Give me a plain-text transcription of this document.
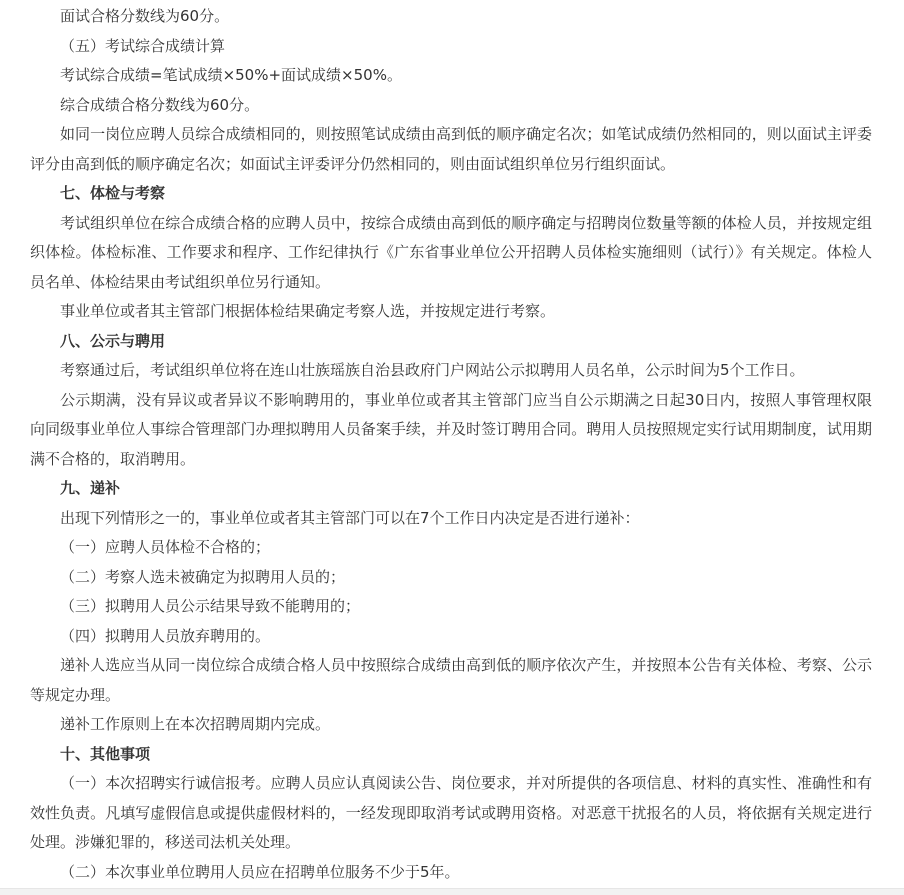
面试合格分数线为60分。

（五）考试综合成绩计算

考试综合成绩=笔试成绩×50%+面试成绩×50%。

综合成绩合格分数线为60分。

如同一岗位应聘人员综合成绩相同的，则按照笔试成绩由高到低的顺序确定名次；如笔试成绩仍然相同的，则以面试主评委评分由高到低的顺序确定名次；如面试主评委评分仍然相同的，则由面试组织单位另行组织面试。

七、体检与考察

考试组织单位在综合成绩合格的应聘人员中，按综合成绩由高到低的顺序确定与招聘岗位数量等额的体检人员，并按规定组织体检。体检标准、工作要求和程序、工作纪律执行《广东省事业单位公开招聘人员体检实施细则（试行）》有关规定。体检人员名单、体检结果由考试组织单位另行通知。

事业单位或者其主管部门根据体检结果确定考察人选，并按规定进行考察。

八、公示与聘用

考察通过后，考试组织单位将在连山壮族瑶族自治县政府门户网站公示拟聘用人员名单，公示时间为5个工作日。

公示期满，没有异议或者异议不影响聘用的，事业单位或者其主管部门应当自公示期满之日起30日内，按照人事管理权限向同级事业单位人事综合管理部门办理拟聘用人员备案手续，并及时签订聘用合同。聘用人员按照规定实行试用期制度，试用期满不合格的，取消聘用。

九、递补

出现下列情形之一的，事业单位或者其主管部门可以在7个工作日内决定是否进行递补：

（一）应聘人员体检不合格的；

（二）考察人选未被确定为拟聘用人员的；

（三）拟聘用人员公示结果导致不能聘用的；

（四）拟聘用人员放弃聘用的。

递补人选应当从同一岗位综合成绩合格人员中按照综合成绩由高到低的顺序依次产生，并按照本公告有关体检、考察、公示等规定办理。

递补工作原则上在本次招聘周期内完成。

十、其他事项

（一）本次招聘实行诚信报考。应聘人员应认真阅读公告、岗位要求，并对所提供的各项信息、材料的真实性、准确性和有效性负责。凡填写虚假信息或提供虚假材料的，一经发现即取消考试或聘用资格。对恶意干扰报名的人员，将依据有关规定进行处理。涉嫌犯罪的，移送司法机关处理。

（二）本次事业单位聘用人员应在招聘单位服务不少于5年。
